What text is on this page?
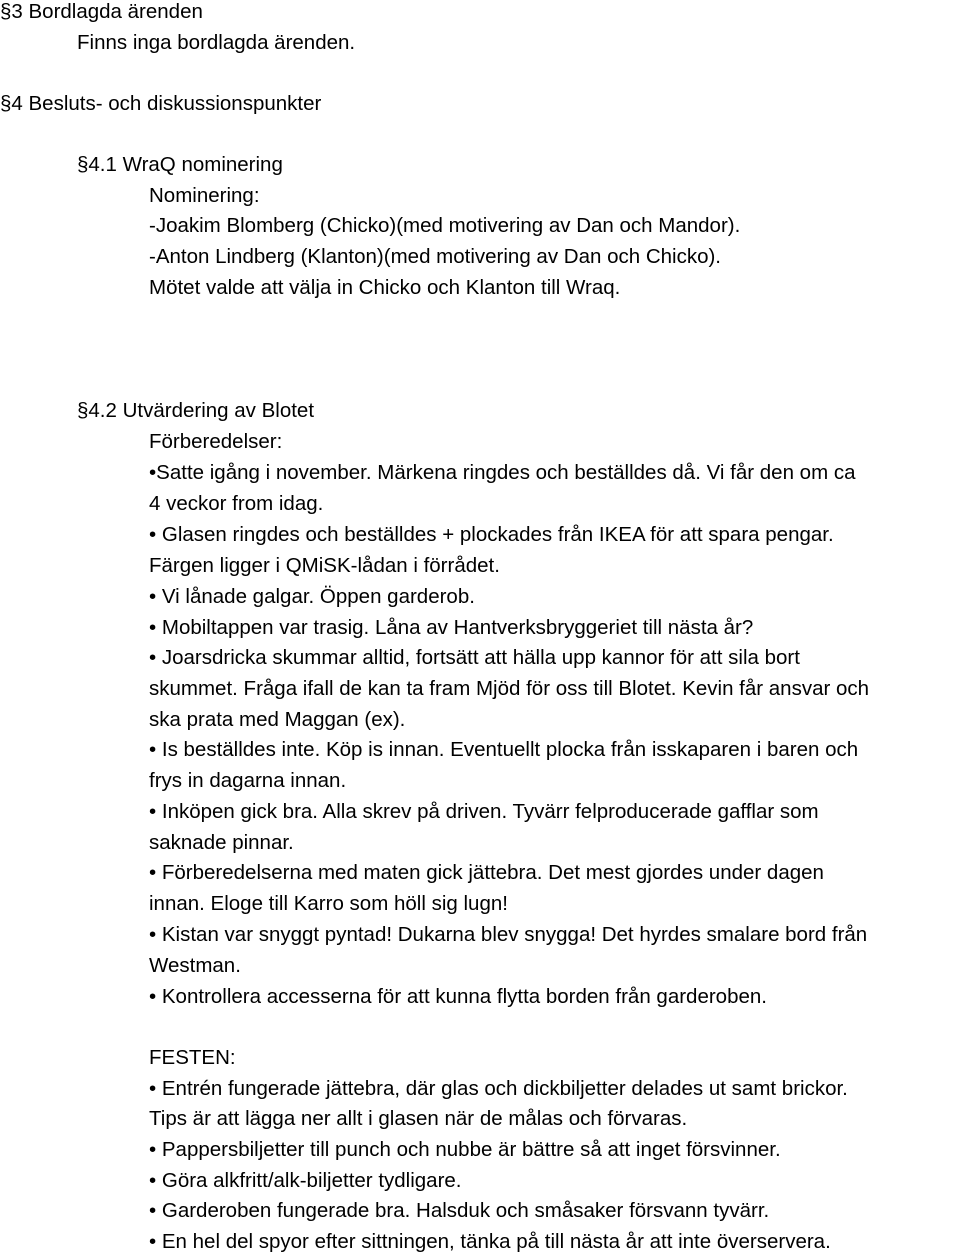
§3 Bordlagda ärenden

Finns inga bordlagda ärenden.

§4 Besluts- och diskussionspunkter

§4.1 WraQ nominering

Nominering:

-Joakim Blomberg (Chicko)(med motivering av Dan och Mandor).

-Anton Lindberg (Klanton)(med motivering av Dan och Chicko).

Mötet valde att välja in Chicko och Klanton till Wraq.

§4.2 Utvärdering av Blotet

Förberedelser:

•Satte igång i november. Märkena ringdes och beställdes då. Vi får den om ca

4 veckor from idag.

• Glasen ringdes och beställdes + plockades från IKEA för att spara pengar.

Färgen ligger i QMiSK-lådan i förrådet.

• Vi lånade galgar. Öppen garderob.

• Mobiltappen var trasig. Låna av Hantverksbryggeriet till nästa år?

• Joarsdricka skummar alltid, fortsätt att hälla upp kannor för att sila bort

skummet. Fråga ifall de kan ta fram Mjöd för oss till Blotet. Kevin får ansvar och

ska prata med Maggan (ex).

• Is beställdes inte. Köp is innan. Eventuellt plocka från isskaparen i baren och

frys in dagarna innan.

• Inköpen gick bra. Alla skrev på driven. Tyvärr felproducerade gafflar som

saknade pinnar.

• Förberedelserna med maten gick jättebra. Det mest gjordes under dagen

innan. Eloge till Karro som höll sig lugn!

• Kistan var snyggt pyntad! Dukarna blev snygga! Det hyrdes smalare bord från

Westman.

• Kontrollera accesserna för att kunna flytta borden från garderoben.

FESTEN:

• Entrén fungerade jättebra, där glas och dickbiljetter delades ut samt brickor.

Tips är att lägga ner allt i glasen när de målas och förvaras.

• Pappersbiljetter till punch och nubbe är bättre så att inget försvinner.

• Göra alkfritt/alk-biljetter tydligare.

• Garderoben fungerade bra. Halsduk och småsaker försvann tyvärr.

• En hel del spyor efter sittningen, tänka på till nästa år att inte överservera.
